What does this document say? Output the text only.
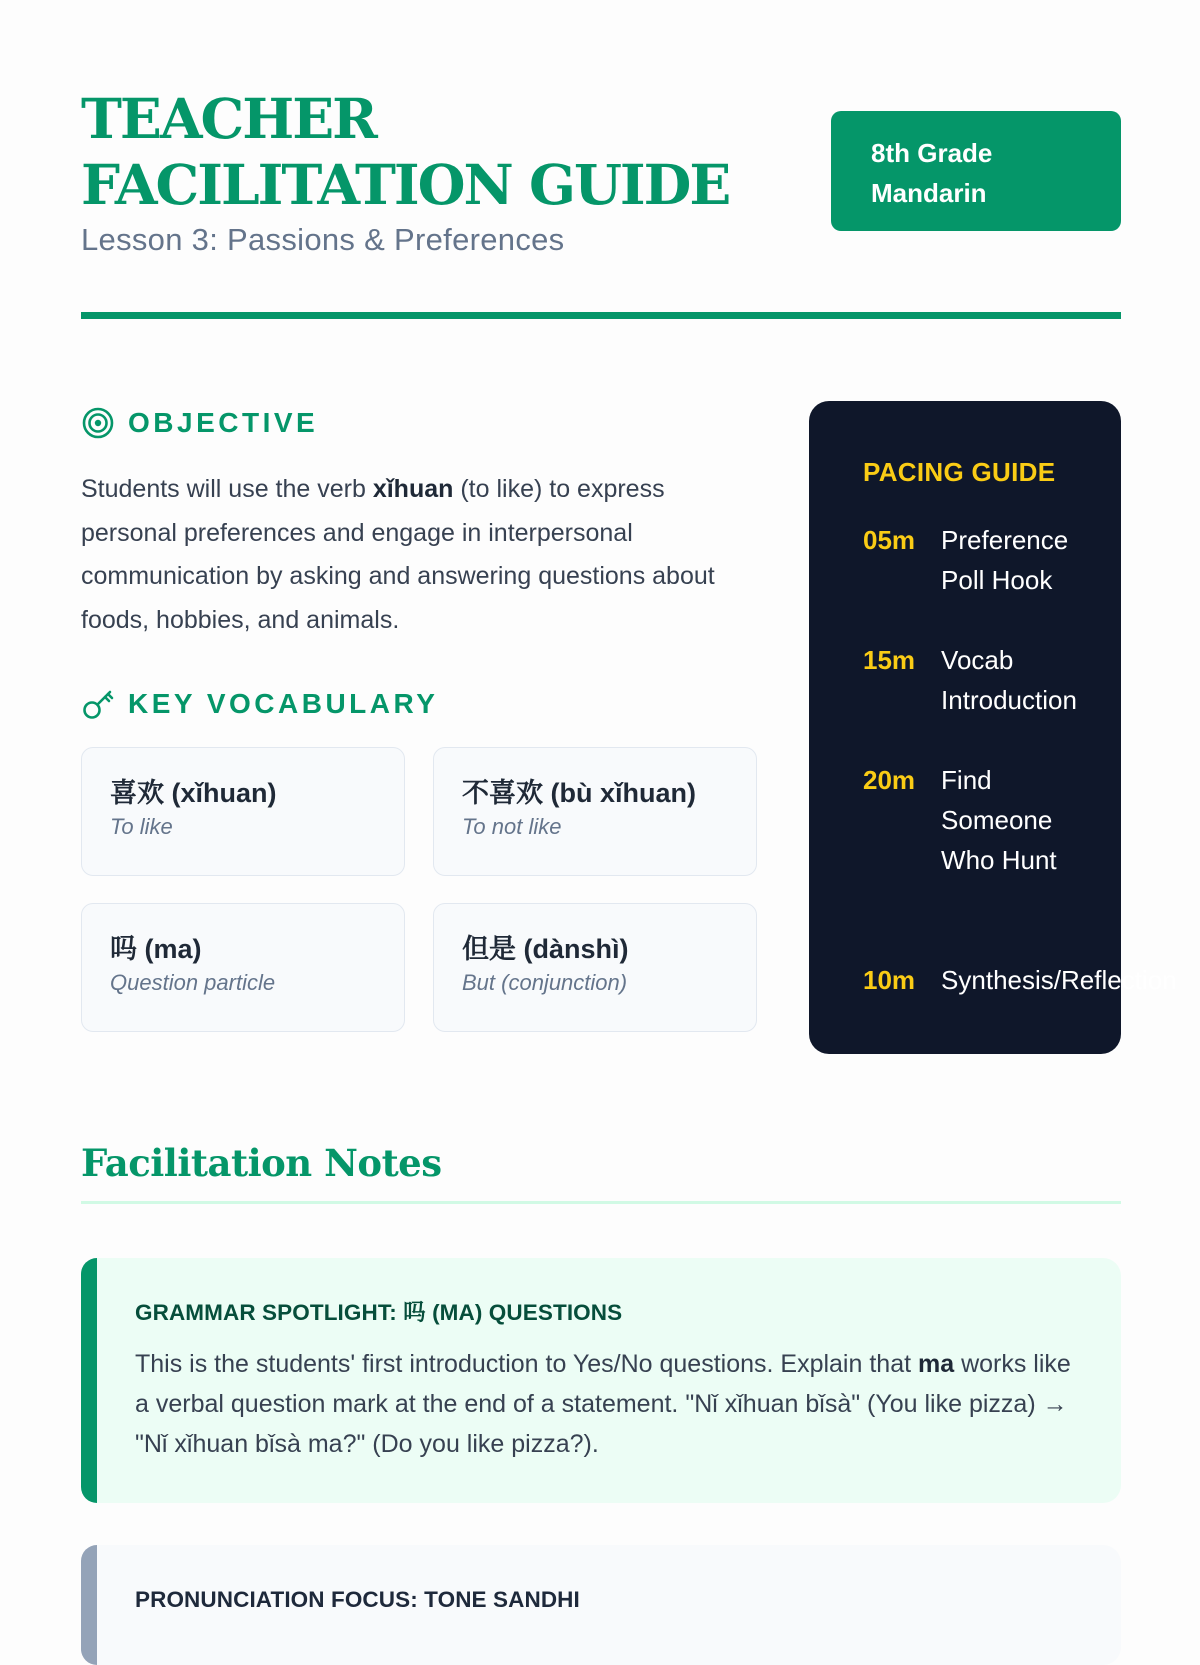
TEACHER FACILITATION GUIDE
Lesson 3: Passions & Preferences
8th Grade Mandarin
OBJECTIVE

Students will use the verb xǐhuan (to like) to express personal preferences and engage in interpersonal communication by asking and answering questions about foods, hobbies, and animals.

KEY VOCABULARY
喜欢 (xǐhuan)
To like
不喜欢 (bù xǐhuan)
To not like
吗 (ma)
Question particle
但是 (dànshì)
But (conjunction)
PACING GUIDE
05m Preference Poll Hook
15m Vocab Introduction
20m Find Someone Who Hunt
10m Synthesis/Reflection
Facilitation Notes
GRAMMAR SPOTLIGHT: 吗 (MA) QUESTIONS

This is the students' first introduction to Yes/No questions. Explain that ma works like a verbal question mark at the end of a statement. "Nǐ xǐhuan bǐsà" (You like pizza) → "Nǐ xǐhuan bǐsà ma?" (Do you like pizza?).

PRONUNCIATION FOCUS: TONE SANDHI
